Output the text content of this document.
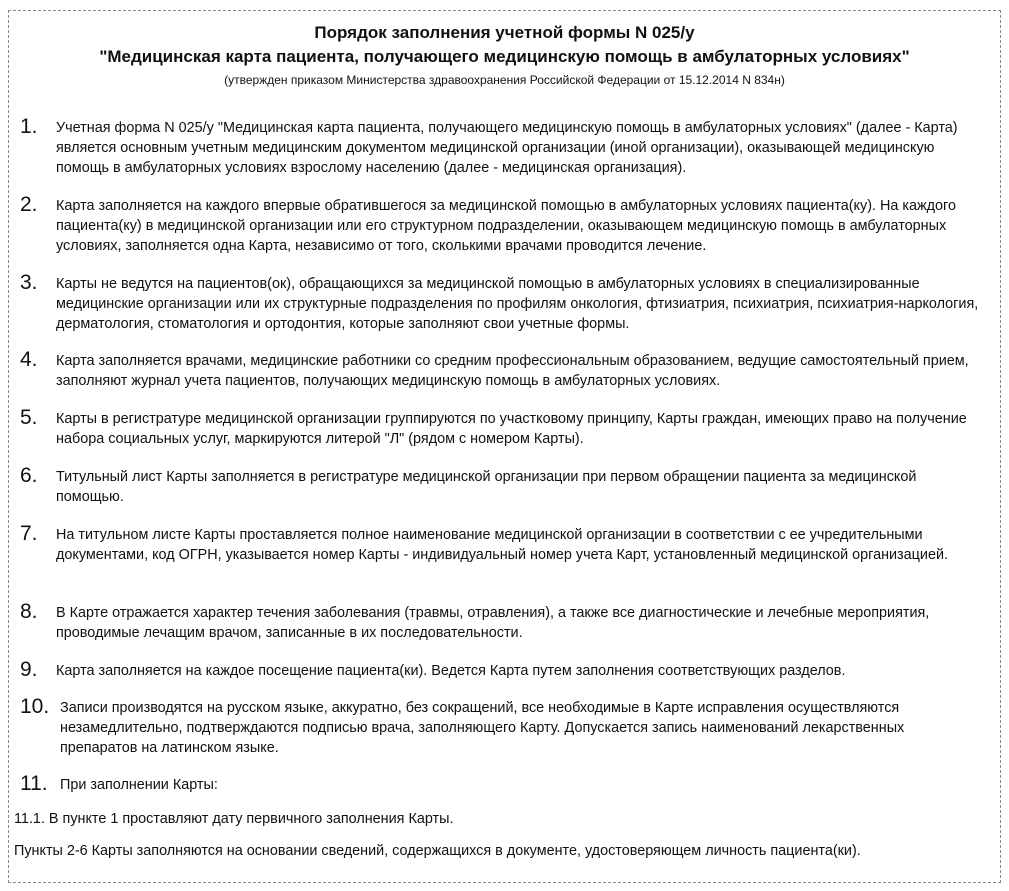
Порядок заполнения учетной формы N 025/у
"Медицинская карта пациента, получающего медицинскую помощь в амбулаторных условиях"
(утвержден приказом Министерства здравоохранения Российской Федерации от 15.12.2014 N 834н)
1. Учетная форма N 025/у "Медицинская карта пациента, получающего медицинскую помощь в амбулаторных условиях" (далее - Карта) является основным учетным медицинским документом медицинской организации (иной организации), оказывающей медицинскую помощь в амбулаторных условиях взрослому населению (далее - медицинская организация).
2. Карта заполняется на каждого впервые обратившегося за медицинской помощью в амбулаторных условиях пациента(ку). На каждого пациента(ку) в медицинской организации или его структурном подразделении, оказывающем медицинскую помощь в амбулаторных условиях, заполняется одна Карта, независимо от того, сколькими врачами проводится лечение.
3. Карты не ведутся на пациентов(ок), обращающихся за медицинской помощью в амбулаторных условиях в специализированные медицинские организации или их структурные подразделения по профилям онкология, фтизиатрия, психиатрия, психиатрия-наркология, дерматология, стоматология и ортодонтия, которые заполняют свои учетные формы.
4. Карта заполняется врачами, медицинские работники со средним профессиональным образованием, ведущие самостоятельный прием, заполняют журнал учета пациентов, получающих медицинскую помощь в амбулаторных условиях.
5. Карты в регистратуре медицинской организации группируются по участковому принципу, Карты граждан, имеющих право на получение набора социальных услуг, маркируются литерой "Л" (рядом с номером Карты).
6. Титульный лист Карты заполняется в регистратуре медицинской организации при первом обращении пациента за медицинской помощью.
7. На титульном листе Карты проставляется полное наименование медицинской организации в соответствии с ее учредительными документами, код ОГРН, указывается номер Карты - индивидуальный номер учета Карт, установленный медицинской организацией.
8. В Карте отражается характер течения заболевания (травмы, отравления), а также все диагностические и лечебные мероприятия, проводимые лечащим врачом, записанные в их последовательности.
9. Карта заполняется на каждое посещение пациента(ки). Ведется Карта путем заполнения соответствующих разделов.
10. Записи производятся на русском языке, аккуратно, без сокращений, все необходимые в Карте исправления осуществляются незамедлительно, подтверждаются подписью врача, заполняющего Карту. Допускается запись наименований лекарственных препаратов на латинском языке.
11. При заполнении Карты:
11.1. В пункте 1 проставляют дату первичного заполнения Карты.
Пункты 2-6 Карты заполняются на основании сведений, содержащихся в документе, удостоверяющем личность пациента(ки).
